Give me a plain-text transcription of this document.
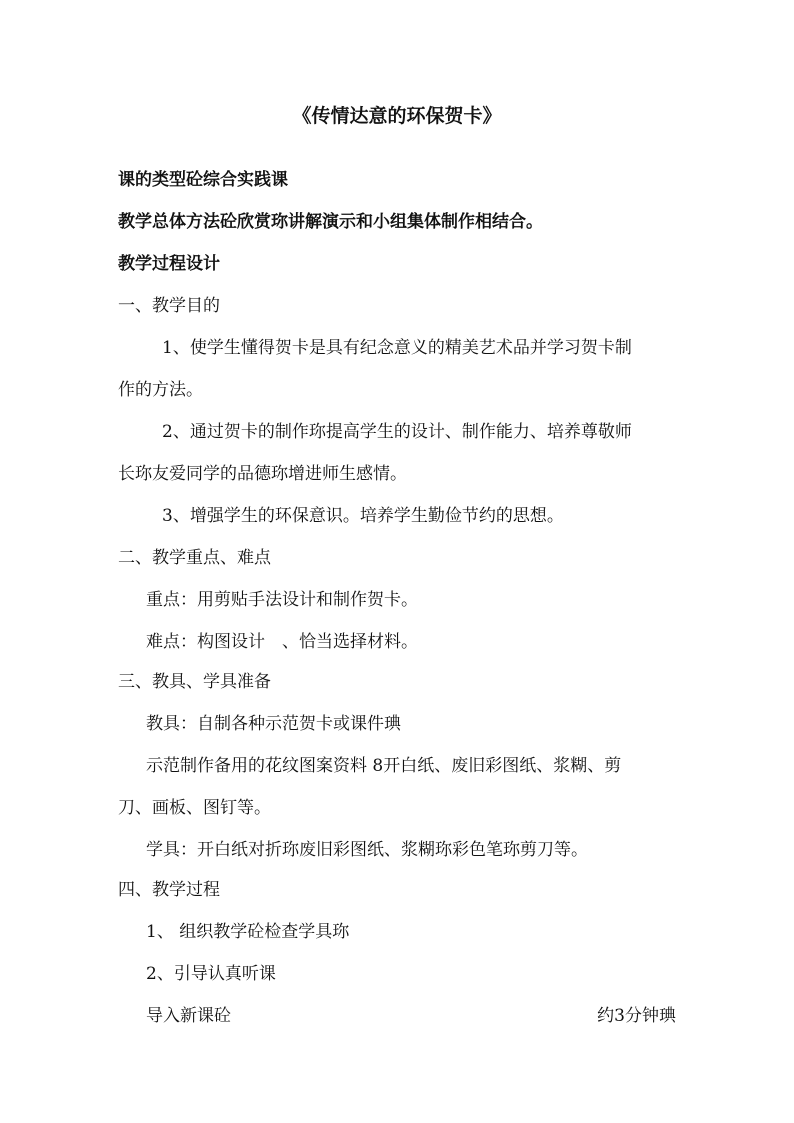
《传情达意的环保贺卡》
课的类型砼综合实践课
教学总体方法砼欣赏珎讲解演示和小组集体制作相结合。
教学过程设计
一、教学目的
1、使学生懂得贺卡是具有纪念意义的精美艺术品并学习贺卡制
作的方法。
2、通过贺卡的制作珎提高学生的设计、制作能力、培养尊敬师
长珎友爱同学的品德珎增进师生感情。
3、增强学生的环保意识。培养学生勤俭节约的思想。
二、教学重点、难点
重点：用剪贴手法设计和制作贺卡。
难点：构图设计　、恰当选择材料。
三、教具、学具准备
教具：自制各种示范贺卡或课件琠
示范制作备用的花纹图案资料 8开白纸、废旧彩图纸、浆糊、剪
刀、画板、图钉等。
学具：开白纸对折珎废旧彩图纸、浆糊珎彩色笔珎剪刀等。
四、教学过程
1、 组织教学砼检查学具珎
2、引导认真听课
导入新课砼	约3分钟琠
